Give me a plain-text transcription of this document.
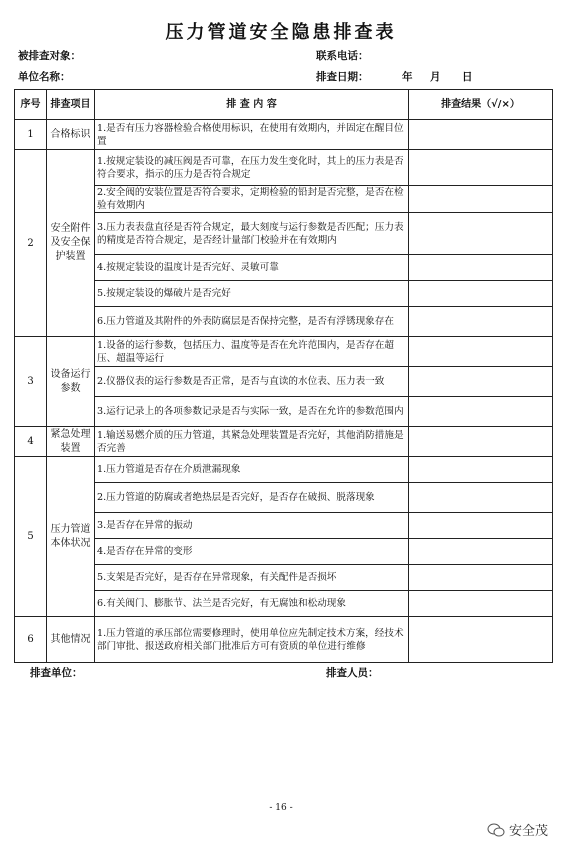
压力管道安全隐患排查表
被排查对象：	联系电话：
单位名称：	排查日期：	年 月 日
序号	排查项目	排 查 内 容	排查结果（√/×）
1	合格标识	1.是否有压力容器检验合格使用标识，在使用有效期内，并固定在醒目位置	
2	安全附件及安全保护装置	1.按规定装设的减压阀是否可靠，在压力发生变化时，其上的压力表是否符合要求，指示的压力是否符合规定	
		2.安全阀的安装位置是否符合要求，定期检验的铅封是否完整，是否在检验有效期内	
		3.压力表表盘直径是否符合规定，最大刻度与运行参数是否匹配；压力表的精度是否符合规定，是否经计量部门校验并在有效期内	
		4.按规定装设的温度计是否完好、灵敏可靠	
		5.按规定装设的爆破片是否完好	
		6.压力管道及其附件的外表防腐层是否保持完整，是否有浮锈现象存在	
3	设备运行参数	1.设备的运行参数，包括压力、温度等是否在允许范围内，是否存在超压、超温等运行	
		2.仪器仪表的运行参数是否正常，是否与直读的水位表、压力表一致	
		3.运行记录上的各项参数记录是否与实际一致，是否在允许的参数范围内	
4	紧急处理装置	1.输送易燃介质的压力管道，其紧急处理装置是否完好，其他消防措施是否完善	
5	压力管道本体状况	1.压力管道是否存在介质泄漏现象	
		2.压力管道的防腐或者绝热层是否完好，是否存在破损、脱落现象	
		3.是否存在异常的振动	
		4.是否存在异常的变形	
		5.支架是否完好，是否存在异常现象，有关配件是否损坏	
		6.有关阀门、膨胀节、法兰是否完好，有无腐蚀和松动现象	
6	其他情况	1.压力管道的承压部位需要修理时，使用单位应先制定技术方案，经技术部门审批、报送政府相关部门批准后方可有资质的单位进行维修	
排查单位：	排查人员：
- 16 -
安全茂
